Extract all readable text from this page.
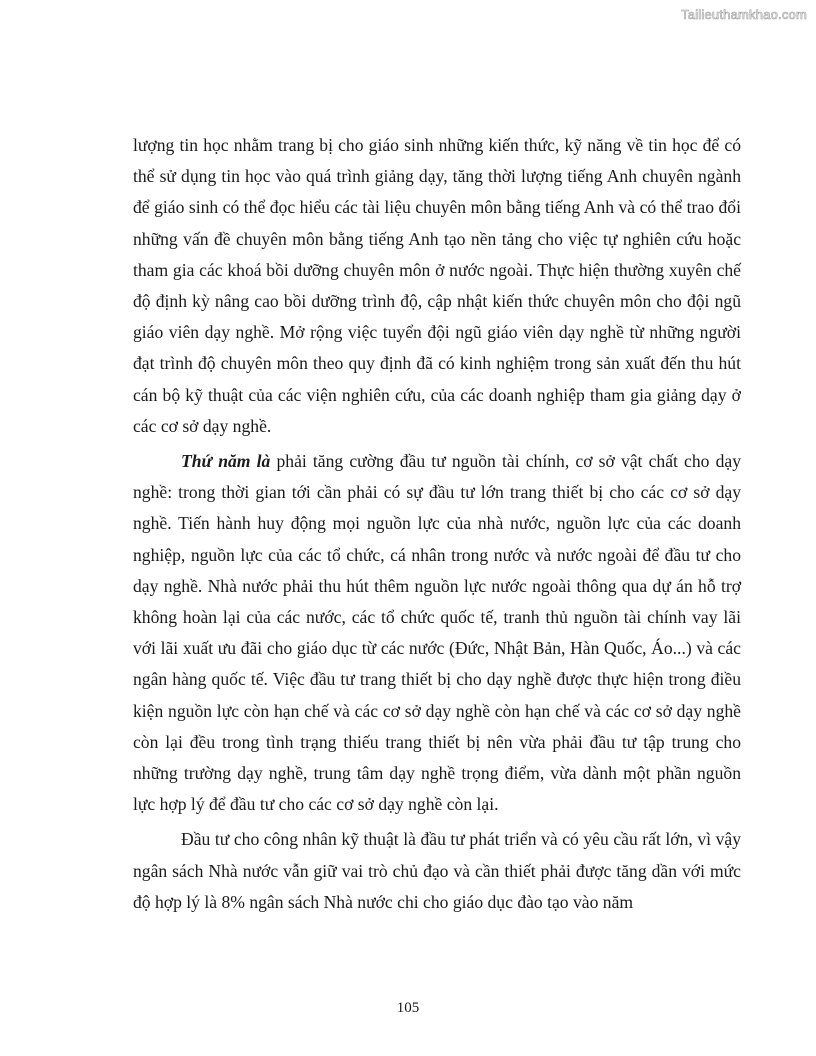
Tailieuthamkhao.com

lượng tin học nhằm trang bị cho giáo sinh những kiến thức, kỹ năng về tin học để có thể sử dụng tin học vào quá trình giảng dạy, tăng thời lượng tiếng Anh chuyên ngành để giáo sinh có thể đọc hiểu các tài liệu chuyên môn bằng tiếng Anh và có thể trao đổi những vấn đề chuyên môn bằng tiếng Anh tạo nền tảng cho việc tự nghiên cứu hoặc tham gia các khoá bồi dưỡng chuyên môn ở nước ngoài. Thực hiện thường xuyên chế độ định kỳ nâng cao bồi dưỡng trình độ, cập nhật kiến thức chuyên môn cho đội ngũ giáo viên dạy nghề. Mở rộng việc tuyển đội ngũ giáo viên dạy nghề từ những người đạt trình độ chuyên môn theo quy định đã có kinh nghiệm trong sản xuất đến thu hút cán bộ kỹ thuật của các viện nghiên cứu, của các doanh nghiệp tham gia giảng dạy ở các cơ sở dạy nghề.

Thứ năm là phải tăng cường đầu tư nguồn tài chính, cơ sở vật chất cho dạy nghề: trong thời gian tới cần phải có sự đầu tư lớn trang thiết bị cho các cơ sở dạy nghề. Tiến hành huy động mọi nguồn lực của nhà nước, nguồn lực của các doanh nghiệp, nguồn lực của các tổ chức, cá nhân trong nước và nước ngoài để đầu tư cho dạy nghề. Nhà nước phải thu hút thêm nguồn lực nước ngoài thông qua dự án hỗ trợ không hoàn lại của các nước, các tổ chức quốc tế, tranh thủ nguồn tài chính vay lãi với lãi xuất ưu đãi cho giáo dục từ các nước (Đức, Nhật Bản, Hàn Quốc, Áo...) và các ngân hàng quốc tế. Việc đầu tư trang thiết bị cho dạy nghề được thực hiện trong điều kiện nguồn lực còn hạn chế và các cơ sở dạy nghề còn hạn chế và các cơ sở dạy nghề còn lại đều trong tình trạng thiếu trang thiết bị nên vừa phải đầu tư tập trung cho những trường dạy nghề, trung tâm dạy nghề trọng điểm, vừa dành một phần nguồn lực hợp lý để đầu tư cho các cơ sở dạy nghề còn lại.

Đầu tư cho công nhân kỹ thuật là đầu tư phát triển và có yêu cầu rất lớn, vì vậy ngân sách Nhà nước vẫn giữ vai trò chủ đạo và cần thiết phải được tăng dần với mức độ hợp lý là 8% ngân sách Nhà nước chi cho giáo dục đào tạo vào năm

105
